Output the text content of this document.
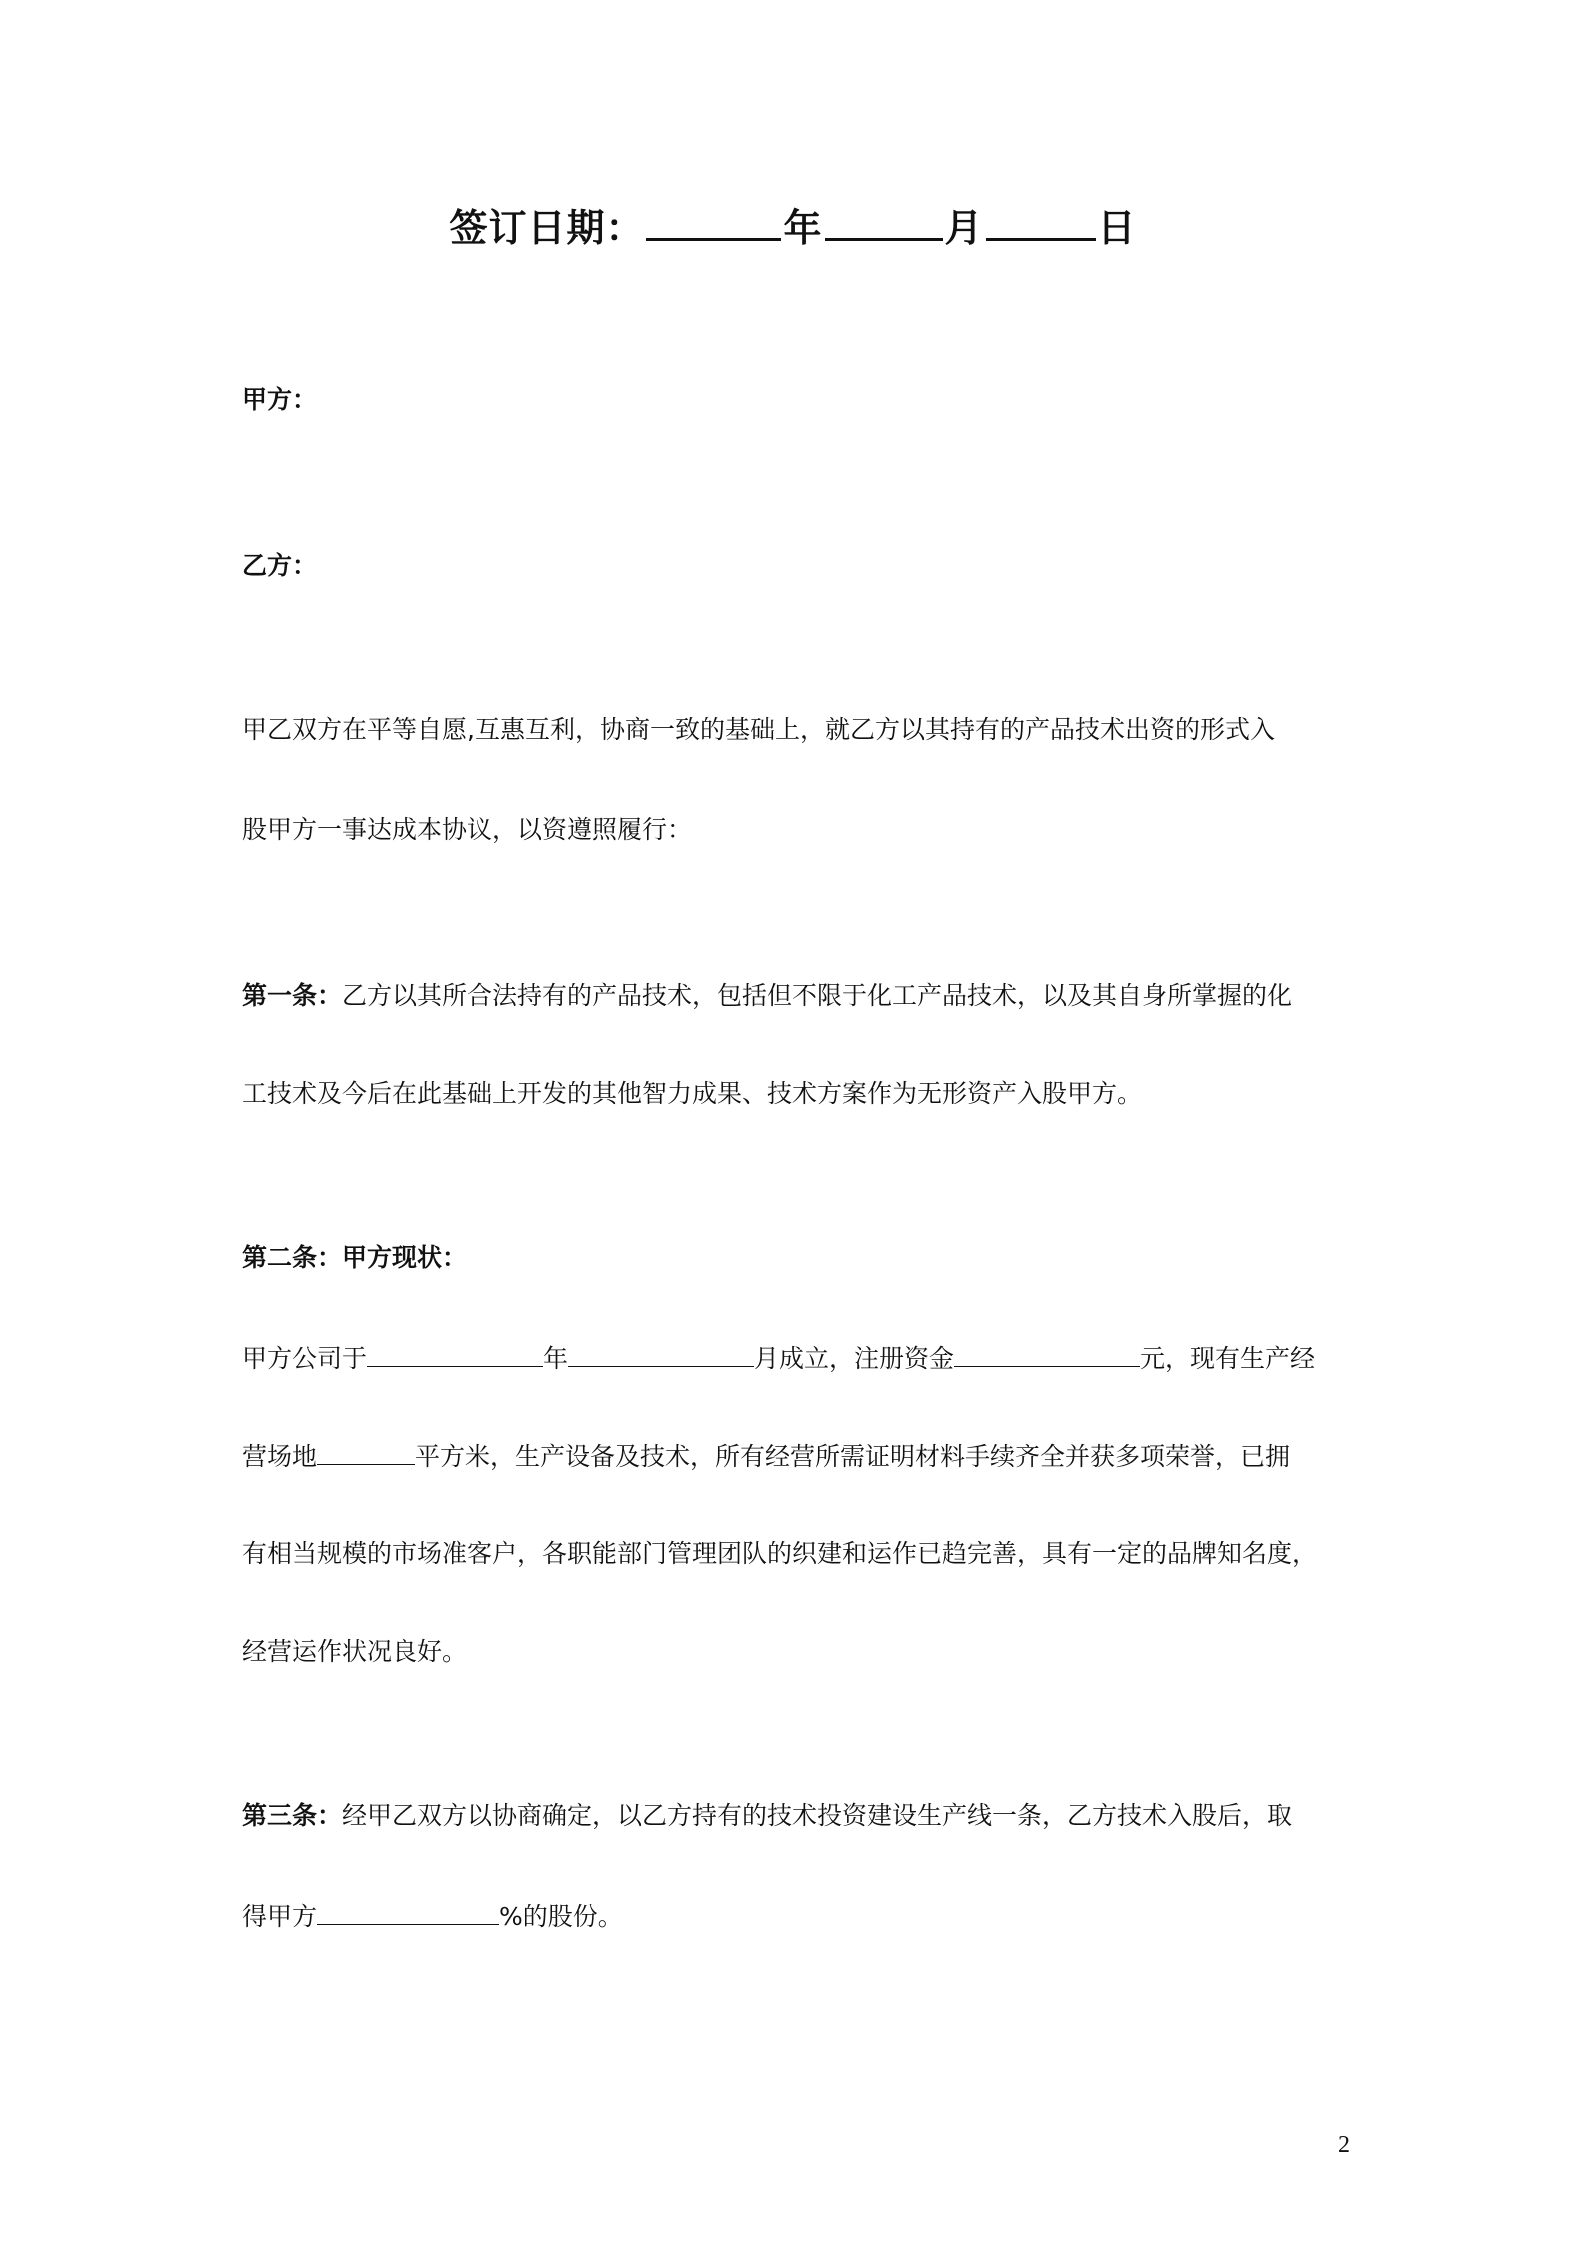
签订日期：	年	月	日
甲方：
乙方：
甲乙双方在平等自愿,互惠互利，协商一致的基础上，就乙方以其持有的产品技术出资的形式入
股甲方一事达成本协议，以资遵照履行：
第一条：乙方以其所合法持有的产品技术，包括但不限于化工产品技术，以及其自身所掌握的化
工技术及今后在此基础上开发的其他智力成果、技术方案作为无形资产入股甲方。
第二条：甲方现状：
甲方公司于	年	月成立，注册资金	元，现有生产经
营场地	平方米，生产设备及技术，所有经营所需证明材料手续齐全并获多项荣誉，已拥
有相当规模的市场准客户，各职能部门管理团队的织建和运作已趋完善，具有一定的品牌知名度，
经营运作状况良好。
第三条：经甲乙双方以协商确定，以乙方持有的技术投资建设生产线一条，乙方技术入股后，取
得甲方	%的股份。
2
